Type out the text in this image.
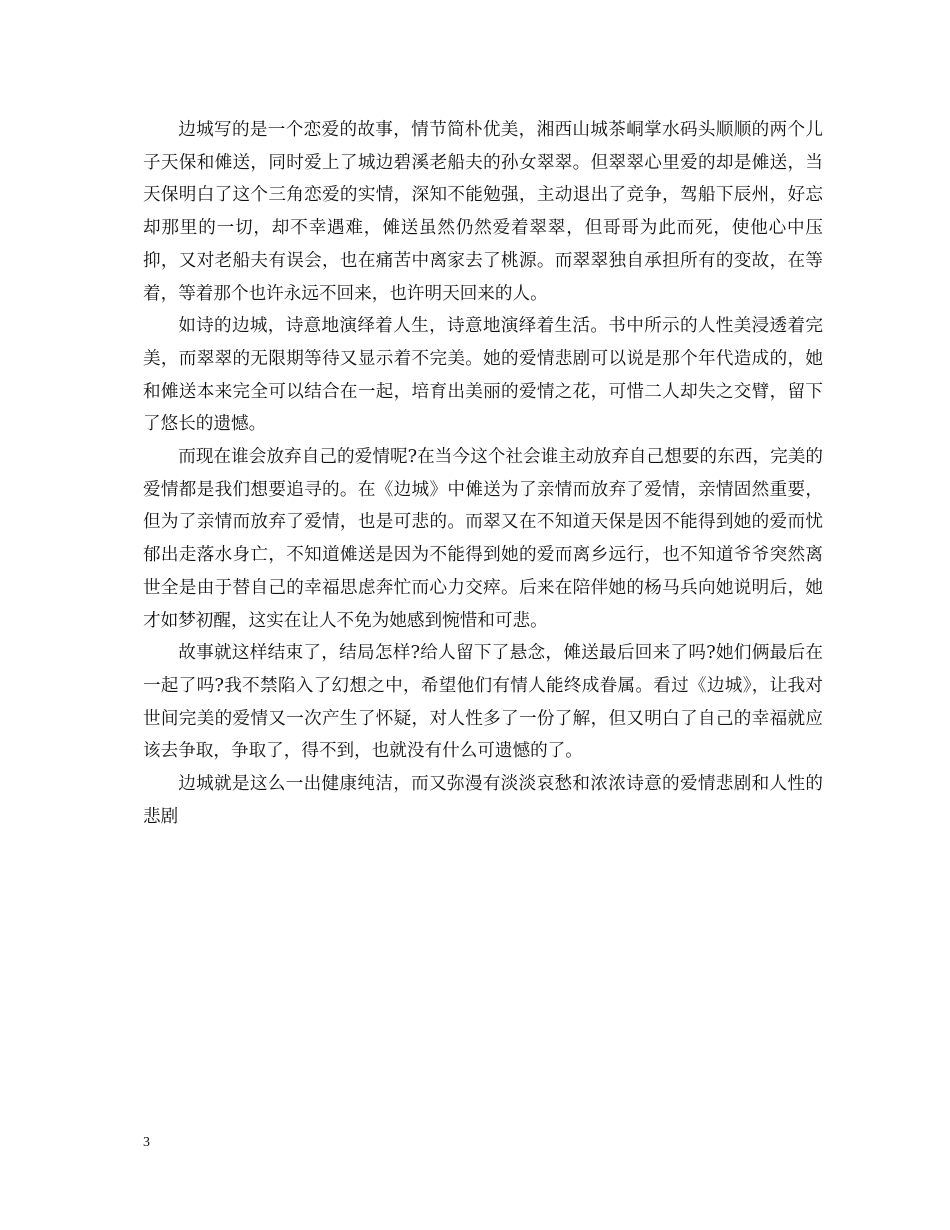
边城写的是一个恋爱的故事，情节简朴优美，湘西山城茶峒掌水码头顺顺的两个儿子天保和傩送，同时爱上了城边碧溪老船夫的孙女翠翠。但翠翠心里爱的却是傩送，当天保明白了这个三角恋爱的实情，深知不能勉强，主动退出了竞争，驾船下辰州，好忘却那里的一切，却不幸遇难，傩送虽然仍然爱着翠翠，但哥哥为此而死，使他心中压抑，又对老船夫有误会，也在痛苦中离家去了桃源。而翠翠独自承担所有的变故，在等着，等着那个也许永远不回来，也许明天回来的人。

如诗的边城，诗意地演绎着人生，诗意地演绎着生活。书中所示的人性美浸透着完美，而翠翠的无限期等待又显示着不完美。她的爱情悲剧可以说是那个年代造成的，她和傩送本来完全可以结合在一起，培育出美丽的爱情之花，可惜二人却失之交臂，留下了悠长的遗憾。

而现在谁会放弃自己的爱情呢?在当今这个社会谁主动放弃自己想要的东西，完美的爱情都是我们想要追寻的。在《边城》中傩送为了亲情而放弃了爱情，亲情固然重要，但为了亲情而放弃了爱情，也是可悲的。而翠又在不知道天保是因不能得到她的爱而忧郁出走落水身亡，不知道傩送是因为不能得到她的爱而离乡远行，也不知道爷爷突然离世全是由于替自己的幸福思虑奔忙而心力交瘁。后来在陪伴她的杨马兵向她说明后，她才如梦初醒，这实在让人不免为她感到惋惜和可悲。

故事就这样结束了，结局怎样?给人留下了悬念，傩送最后回来了吗?她们俩最后在一起了吗?我不禁陷入了幻想之中，希望他们有情人能终成眷属。看过《边城》，让我对世间完美的爱情又一次产生了怀疑，对人性多了一份了解，但又明白了自己的幸福就应该去争取，争取了，得不到，也就没有什么可遗憾的了。

边城就是这么一出健康纯洁，而又弥漫有淡淡哀愁和浓浓诗意的爱情悲剧和人性的悲剧

3
